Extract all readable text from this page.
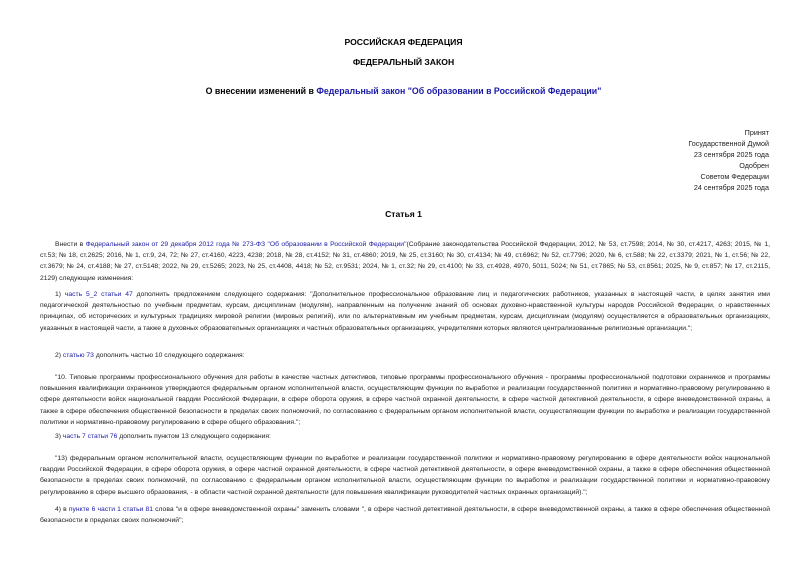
РОССИЙСКАЯ ФЕДЕРАЦИЯ
ФЕДЕРАЛЬНЫЙ ЗАКОН
О внесении изменений в Федеральный закон "Об образовании в Российской Федерации"
Принят
Государственной Думой
23 сентября 2025 года
Одобрен
Советом Федерации
24 сентября 2025 года
Статья 1
Внести в Федеральный закон от 29 декабря 2012 года № 273-ФЗ "Об образовании в Российской Федерации"(Собрание законодательства Российской Федерации, 2012, № 53, ст.7598; 2014, № 30, ст.4217, 4263; 2015, № 1, ст.53; № 18, ст.2625; 2016, № 1, ст.9, 24, 72; № 27, ст.4160, 4223, 4238; 2018, № 28, ст.4152; № 31, ст.4860; 2019, № 25, ст.3160; № 30, ст.4134; № 49, ст.6962; № 52, ст.7796; 2020, № 6, ст.588; № 22, ст.3379; 2021, № 1, ст.56; № 22, ст.3679; № 24, ст.4188; № 27, ст.5148; 2022, № 29, ст.5265; 2023, № 25, ст.4408, 4418; № 52, ст.9531; 2024, № 1, ст.32; № 29, ст.4100; № 33, ст.4928, 4970, 5011, 5024; № 51, ст.7865; № 53, ст.8561; 2025, № 9, ст.857; № 17, ст.2115, 2129) следующие изменения:
1) часть 5_2 статьи 47 дополнить предложением следующего содержания: "Дополнительное профессиональное образование лиц и педагогических работников, указанных в настоящей части, в целях занятия ими педагогической деятельностью по учебным предметам, курсам, дисциплинам (модулям), направленным на получение знаний об основах духовно-нравственной культуры народов Российской Федерации, о нравственных принципах, об исторических и культурных традициях мировой религии (мировых религий), или по альтернативным им учебным предметам, курсам, дисциплинам (модулям) осуществляется в образовательных организациях, указанных в настоящей части, а также в духовных образовательных организациях и частных образовательных организациях, учредителями которых являются централизованные религиозные организации.";
2) статью 73 дополнить частью 10 следующего содержания:
"10. Типовые программы профессионального обучения для работы в качестве частных детективов, типовые программы профессионального обучения - программы профессиональной подготовки охранников и программы повышения квалификации охранников утверждаются федеральным органом исполнительной власти, осуществляющим функции по выработке и реализации государственной политики и нормативно-правовому регулированию в сфере деятельности войск национальной гвардии Российской Федерации, в сфере оборота оружия, в сфере частной охранной деятельности, в сфере частной детективной деятельности, в сфере вневедомственной охраны, а также в сфере обеспечения общественной безопасности в пределах своих полномочий, по согласованию с федеральным органом исполнительной власти, осуществляющим функции по выработке и реализации государственной политики и нормативно-правовому регулированию в сфере общего образования.";
3) часть 7 статьи 76 дополнить пунктом 13 следующего содержания:
"13) федеральным органом исполнительной власти, осуществляющим функции по выработке и реализации государственной политики и нормативно-правовому регулированию в сфере деятельности войск национальной гвардии Российской Федерации, в сфере оборота оружия, в сфере частной охранной деятельности, в сфере частной детективной деятельности, в сфере вневедомственной охраны, а также в сфере обеспечения общественной безопасности в пределах своих полномочий, по согласованию с федеральным органом исполнительной власти, осуществляющим функции по выработке и реализации государственной политики и нормативно-правовому регулированию в сфере высшего образования, - в области частной охранной деятельности (для повышения квалификации руководителей частных охранных организаций).";
4) в пункте 6 части 1 статьи 81 слова "и в сфере вневедомственной охраны" заменить словами ", в сфере частной детективной деятельности, в сфере вневедомственной охраны, а также в сфере обеспечения общественной безопасности в пределах своих полномочий";
